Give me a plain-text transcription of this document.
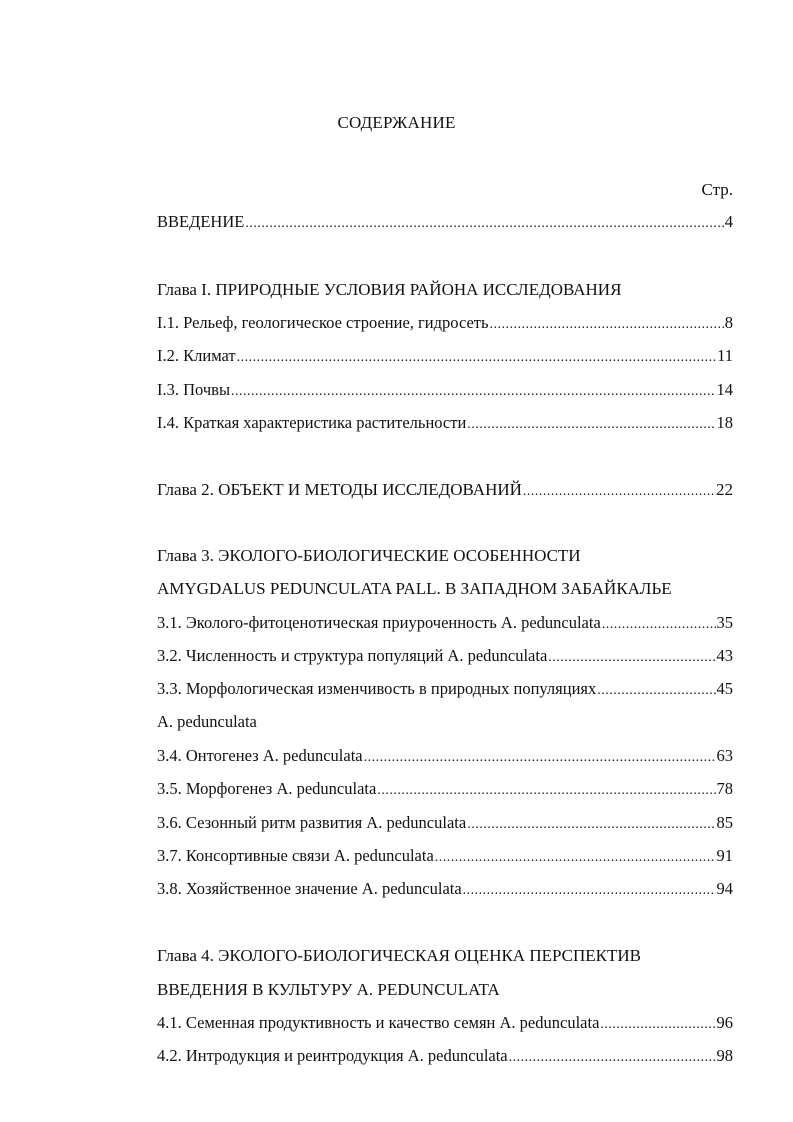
СОДЕРЖАНИЕ
Стр.
ВВЕДЕНИЕ .....	4
Глава I. ПРИРОДНЫЕ УСЛОВИЯ РАЙОНА ИССЛЕДОВАНИЯ
I.1. Рельеф, геологическое строение, гидросеть .....	8
I.2. Климат .....	11
I.3. Почвы .....	14
I.4. Краткая характеристика растительности .....	18
Глава 2. ОБЪЕКТ И МЕТОДЫ ИССЛЕДОВАНИЙ .....	22
Глава 3. ЭКОЛОГО-БИОЛОГИЧЕСКИЕ ОСОБЕННОСТИ
AMYGDALUS PEDUNCULATA PALL. В ЗАПАДНОМ ЗАБАЙКАЛЬЕ
3.1. Эколого-фитоценотическая приуроченность A. pedunculata .....	35
3.2. Численность и структура популяций A. pedunculata .....	43
3.3. Морфологическая изменчивость в природных популяциях .....	45
A. pedunculata
3.4. Онтогенез A. pedunculata .....	63
3.5. Морфогенез A. pedunculata .....	78
3.6. Сезонный ритм развития A. pedunculata .....	85
3.7. Консортивные связи A. pedunculata .....	91
3.8. Хозяйственное значение A. pedunculata .....	94
Глава 4. ЭКОЛОГО-БИОЛОГИЧЕСКАЯ ОЦЕНКА ПЕРСПЕКТИВ
ВВЕДЕНИЯ В КУЛЬТУРУ A. PEDUNCULATA
4.1. Семенная продуктивность и качество семян A. pedunculata .....	96
4.2. Интродукция и реинтродукция A. pedunculata .....	98
